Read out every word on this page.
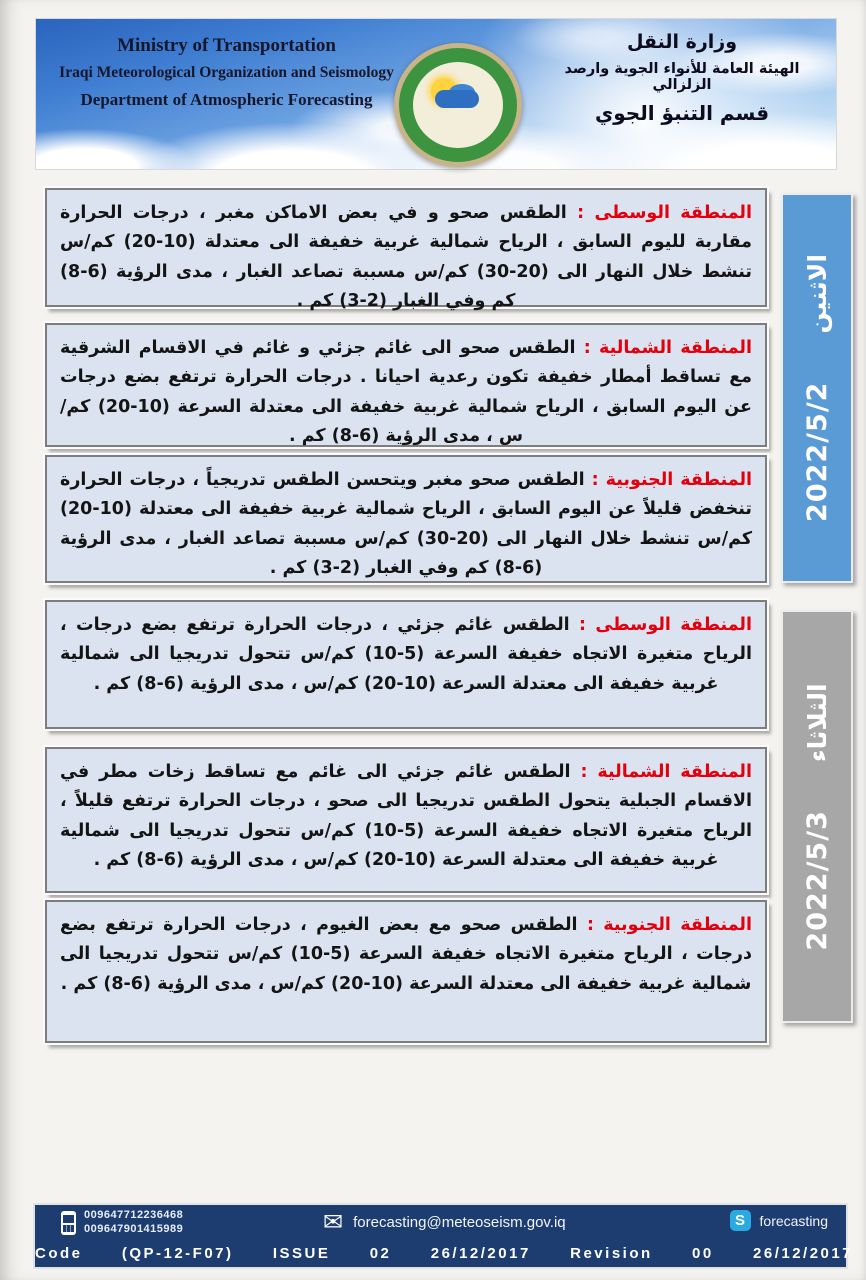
Ministry of Transportation
Iraqi Meteorological Organization and Seismology
Department of Atmospheric Forecasting
وزارة النقل
الهيئة العامة للأنواء الجوية وارصد الزلزالي
قسم التنبؤ الجوي

المنطقة الوسطى : الطقس صحو و في بعض الاماكن مغبر ، درجات الحرارة مقاربة لليوم السابق ، الرياح شمالية غربية خفيفة الى معتدلة (10-20) كم/س تنشط خلال النهار الى (20-30) كم/س مسببة تصاعد الغبار ، مدى الرؤية (6-8) كم وفي الغبار (2-3) كم .

المنطقة الشمالية : الطقس صحو الى غائم جزئي و غائم في الاقسام الشرقية مع تساقط أمطار خفيفة تكون رعدية احيانا . درجات الحرارة ترتفع بضع درجات عن اليوم السابق ، الرياح شمالية غربية خفيفة الى معتدلة السرعة (10-20) كم/س ، مدى الرؤية (6-8) كم .

المنطقة الجنوبية : الطقس صحو مغبر ويتحسن الطقس تدريجياً ، درجات الحرارة تنخفض قليلاً عن اليوم السابق ، الرياح شمالية غربية خفيفة الى معتدلة (10-20) كم/س تنشط خلال النهار الى (20-30) كم/س مسببة تصاعد الغبار ، مدى الرؤية (6-8) كم وفي الغبار (2-3) كم .

المنطقة الوسطى : الطقس غائم جزئي ، درجات الحرارة ترتفع بضع درجات ، الرياح متغيرة الاتجاه خفيفة السرعة (5-10) كم/س تتحول تدريجيا الى شمالية غربية خفيفة الى معتدلة السرعة (10-20) كم/س ، مدى الرؤية (6-8) كم .

المنطقة الشمالية : الطقس غائم جزئي الى غائم مع تساقط زخات مطر في الاقسام الجبلية يتحول الطقس تدريجيا الى صحو ، درجات الحرارة ترتفع قليلاً ، الرياح متغيرة الاتجاه خفيفة السرعة (5-10) كم/س تتحول تدريجيا الى شمالية غربية خفيفة الى معتدلة السرعة (10-20) كم/س ، مدى الرؤية (6-8) كم .

المنطقة الجنوبية : الطقس صحو مع بعض الغيوم ، درجات الحرارة ترتفع بضع درجات ، الرياح متغيرة الاتجاه خفيفة السرعة (5-10) كم/س تتحول تدريجيا الى شمالية غربية خفيفة الى معتدلة السرعة (10-20) كم/س ، مدى الرؤية (6-8) كم .

الاثنين
2022/5/2
الثلاثاء
2022/5/3
009647712236468
009647901415989	✉ forecasting@meteoseism.gov.iq	S	forecasting
Code  (QP-12-F07)  ISSUE  02  26/12/2017  Revision  00  26/12/2017
